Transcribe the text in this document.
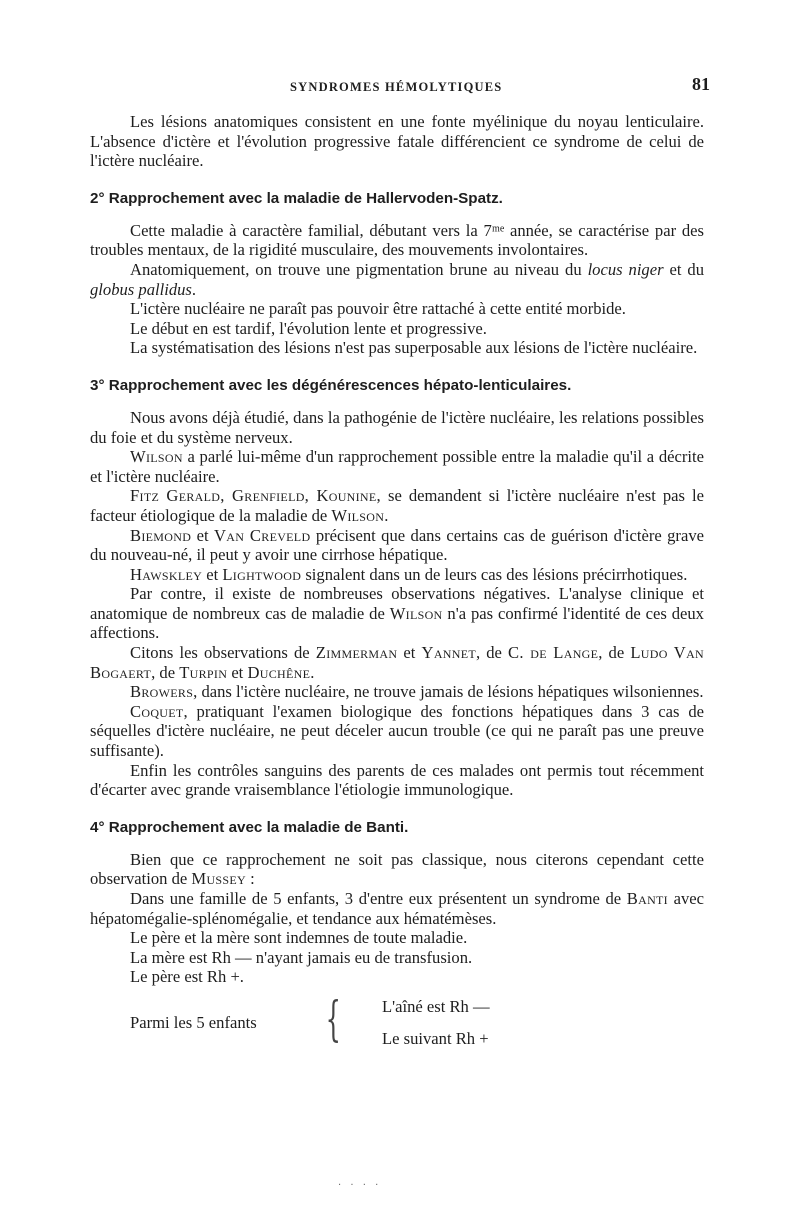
SYNDROMES HÉMOLYTIQUES	81

Les lésions anatomiques consistent en une fonte myélinique du noyau lenticulaire. L'absence d'ictère et l'évolution progressive fatale différencient ce syndrome de celui de l'ictère nucléaire.

2° Rapprochement avec la maladie de Hallervoden-Spatz.

Cette maladie à caractère familial, débutant vers la 7ᵐᵉ année, se caractérise par des troubles mentaux, de la rigidité musculaire, des mouvements involontaires.

Anatomiquement, on trouve une pigmentation brune au niveau du locus niger et du globus pallidus.

L'ictère nucléaire ne paraît pas pouvoir être rattaché à cette entité morbide.

Le début en est tardif, l'évolution lente et progressive.

La systématisation des lésions n'est pas superposable aux lésions de l'ictère nucléaire.

3° Rapprochement avec les dégénérescences hépato-lenticulaires.

Nous avons déjà étudié, dans la pathogénie de l'ictère nucléaire, les relations possibles du foie et du système nerveux.

Wilson a parlé lui-même d'un rapprochement possible entre la maladie qu'il a décrite et l'ictère nucléaire.

Fitz Gerald, Grenfield, Kounine, se demandent si l'ictère nucléaire n'est pas le facteur étiologique de la maladie de Wilson.

Biemond et Van Creveld précisent que dans certains cas de guérison d'ictère grave du nouveau-né, il peut y avoir une cirrhose hépatique.

Hawskley et Lightwood signalent dans un de leurs cas des lésions précirrhotiques.

Par contre, il existe de nombreuses observations négatives. L'analyse clinique et anatomique de nombreux cas de maladie de Wilson n'a pas confirmé l'identité de ces deux affections.

Citons les observations de Zimmerman et Yannet, de C. de Lange, de Ludo Van Bogaert, de Turpin et Duchêne.

Browers, dans l'ictère nucléaire, ne trouve jamais de lésions hépatiques wilsoniennes.

Coquet, pratiquant l'examen biologique des fonctions hépatiques dans 3 cas de séquelles d'ictère nucléaire, ne peut déceler aucun trouble (ce qui ne paraît pas une preuve suffisante).

Enfin les contrôles sanguins des parents de ces malades ont permis tout récemment d'écarter avec grande vraisemblance l'étiologie immunologique.

4° Rapprochement avec la maladie de Banti.

Bien que ce rapprochement ne soit pas classique, nous citerons cependant cette observation de Mussey :

Dans une famille de 5 enfants, 3 d'entre eux présentent un syndrome de Banti avec hépatomégalie-splénomégalie, et tendance aux hématémèses.

Le père et la mère sont indemnes de toute maladie.

La mère est Rh — n'ayant jamais eu de transfusion.

Le père est Rh +.

Parmi les 5 enfants { L'aîné est Rh —
Le suivant Rh +
· · · ·
